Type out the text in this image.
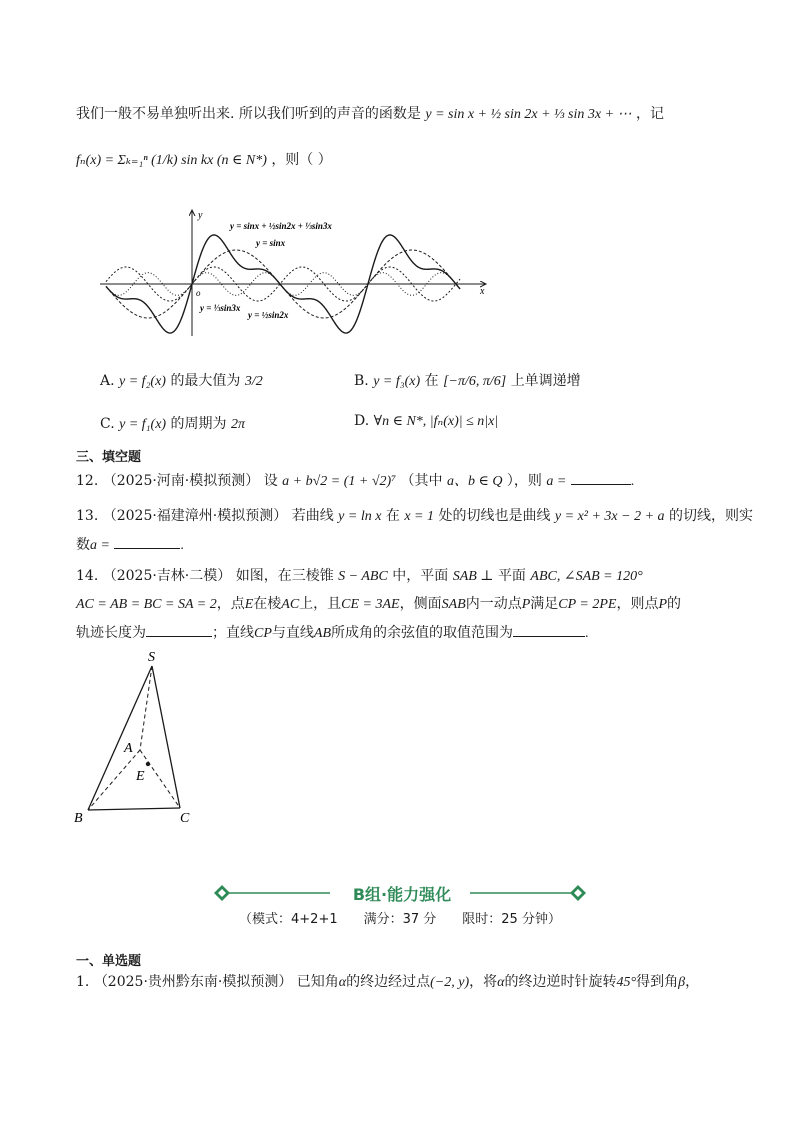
我们一般不易单独听出来. 所以我们听到的声音的函数是 y = sin x + ½ sin 2x + ⅓ sin 3x + ⋯ ，记
fₙ(x) = Σₖ₌₁ⁿ (1/k) sin kx (n ∈ N*) ，则（ ）
y
x
o
y = sinx + ½sin2x + ⅓sin3x
y = sinx
y = ⅓sin3x
y = ½sin2x
A. y = f₂(x) 的最大值为 3/2	B. y = f₃(x) 在 [−π/6, π/6] 上单调递增
C. y = f₁(x) 的周期为 2π	D. ∀n ∈ N*, |fₙ(x)| ≤ n|x|
三、填空题
12. （2025·河南·模拟预测） 设 a + b√2 = (1 + √2)⁷ （其中 a、b ∈ Q ），则 a =	.
13. （2025·福建漳州·模拟预测） 若曲线 y = ln x 在 x = 1 处的切线也是曲线 y = x² + 3x − 2 + a 的切线，则实
数a =	.
14. （2025·吉林·二模） 如图，在三棱锥 S − ABC 中，平面 SAB ⊥ 平面 ABC, ∠SAB = 120°
AC = AB = BC = SA = 2，点E在棱AC上，且CE = 3AE，侧面SAB内一动点P满足CP = 2PE，则点P的
轨迹长度为	；直线CP与直线AB所成角的余弦值的取值范围为	.
S
A
E
B	C
B组·能力强化
（模式：4+2+1　　满分：37 分　　限时：25 分钟）
一、单选题
1. （2025·贵州黔东南·模拟预测） 已知角α的终边经过点(−2, y)，将α的终边逆时针旋转45°得到角β，
